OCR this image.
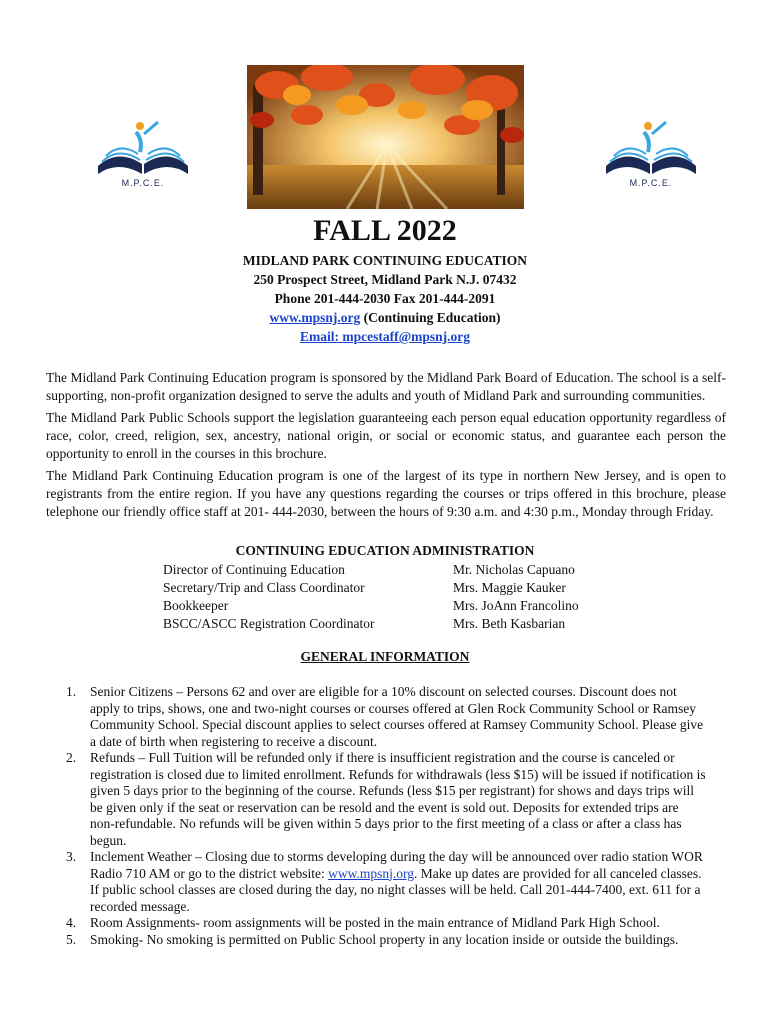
M.P.C.E.	M.P.C.E.
FALL 2022
MIDLAND PARK CONTINUING EDUCATION
250 Prospect Street, Midland Park N.J. 07432
Phone 201-444-2030 Fax 201-444-2091
www.mpsnj.org (Continuing Education)
Email: mpcestaff@mpsnj.org

The Midland Park Continuing Education program is sponsored by the Midland Park Board of Education. The school is a self-supporting, non-profit organization designed to serve the adults and youth of Midland Park and surrounding communities.

The Midland Park Public Schools support the legislation guaranteeing each person equal education opportunity regardless of race, color, creed, religion, sex, ancestry, national origin, or social or economic status, and guarantee each person the opportunity to enroll in the courses in this brochure.

The Midland Park Continuing Education program is one of the largest of its type in northern New Jersey, and is open to registrants from the entire region. If you have any questions regarding the courses or trips offered in this brochure, please telephone our friendly office staff at 201- 444-2030, between the hours of 9:30 a.m. and 4:30 p.m., Monday through Friday.

CONTINUING EDUCATION ADMINISTRATION
Director of Continuing Education	Mr. Nicholas Capuano
Secretary/Trip and Class Coordinator	Mrs. Maggie Kauker
Bookkeeper	Mrs. JoAnn Francolino
BSCC/ASCC Registration Coordinator	Mrs. Beth Kasbarian
GENERAL INFORMATION
1.	Senior Citizens – Persons 62 and over are eligible for a 10% discount on selected courses. Discount does not apply to trips, shows, one and two-night courses or courses offered at Glen Rock Community School or Ramsey Community School. Special discount applies to select courses offered at Ramsey Community School. Please give a date of birth when registering to receive a discount.
2.	Refunds – Full Tuition will be refunded only if there is insufficient registration and the course is canceled or registration is closed due to limited enrollment. Refunds for withdrawals (less $15) will be issued if notification is given 5 days prior to the beginning of the course. Refunds (less $15 per registrant) for shows and days trips will be given only if the seat or reservation can be resold and the event is sold out. Deposits for extended trips are non-refundable. No refunds will be given within 5 days prior to the first meeting of a class or after a class has begun.
3.	Inclement Weather – Closing due to storms developing during the day will be announced over radio station WOR Radio 710 AM or go to the district website: www.mpsnj.org. Make up dates are provided for all canceled classes. If public school classes are closed during the day, no night classes will be held. Call 201-444-7400, ext. 611 for a recorded message.
4.	Room Assignments- room assignments will be posted in the main entrance of Midland Park High School.
5.	Smoking- No smoking is permitted on Public School property in any location inside or outside the buildings.
